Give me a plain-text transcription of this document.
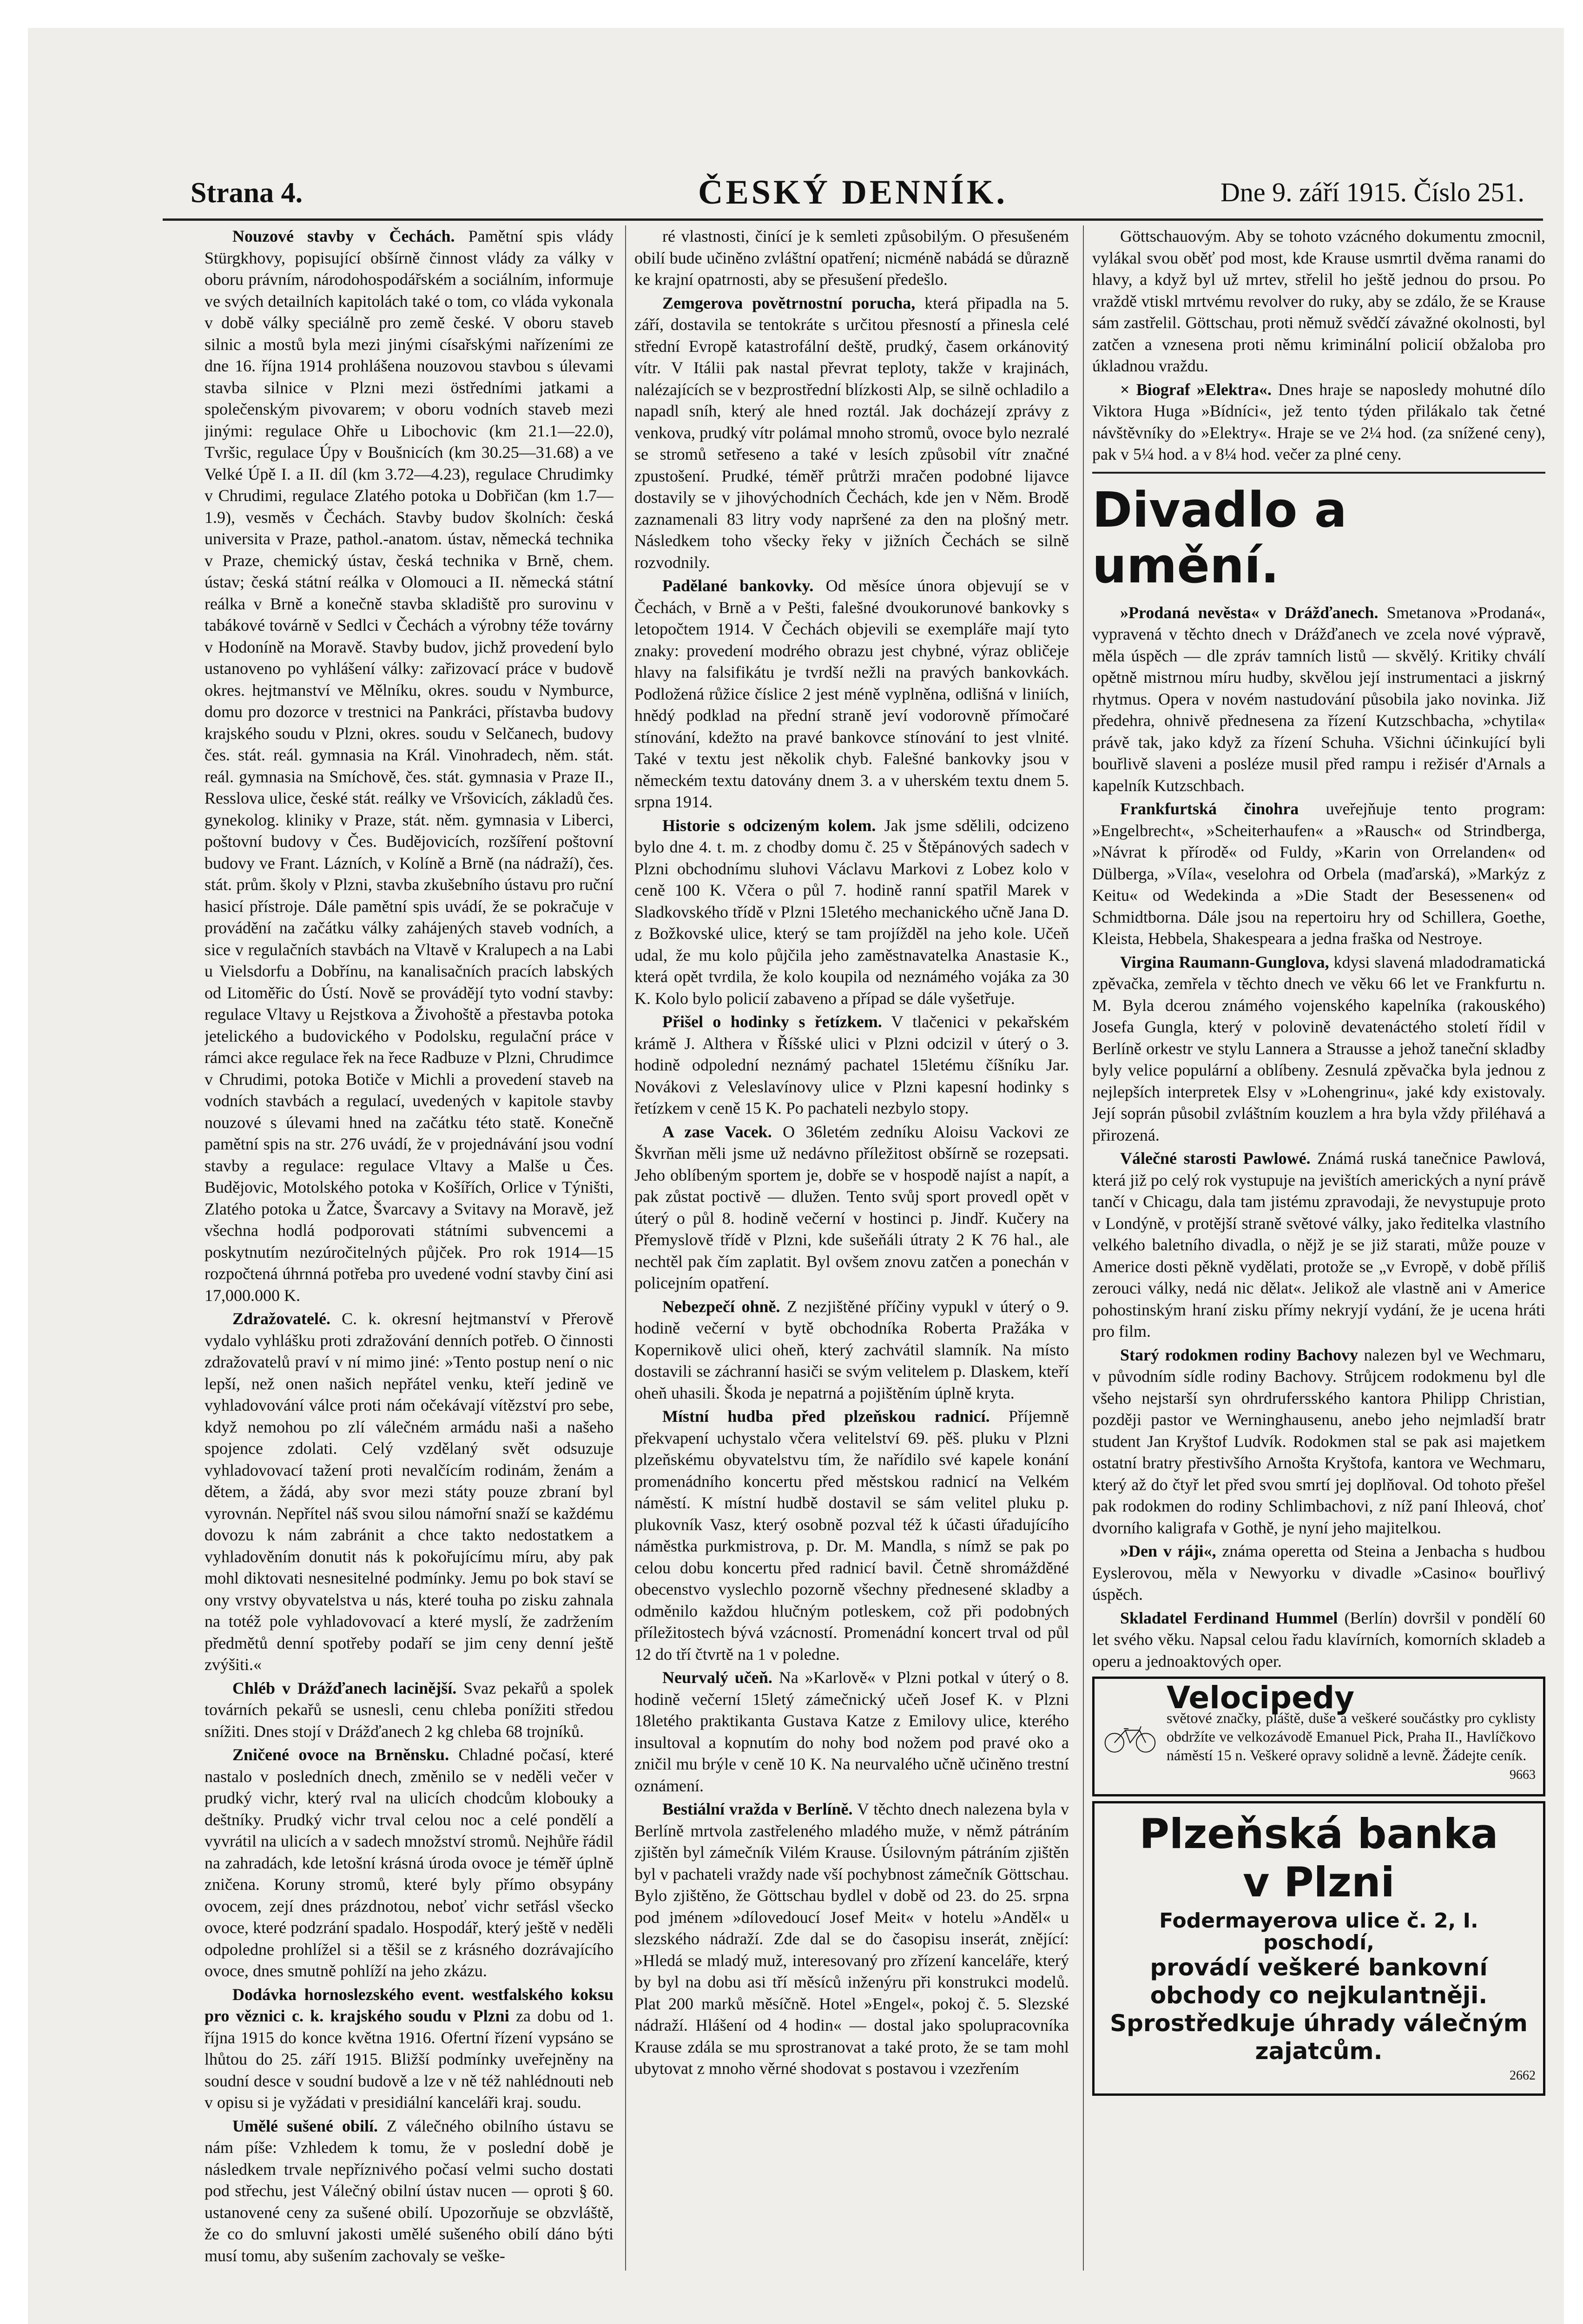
Strana 4.	ČESKÝ DENNÍK.	Dne 9. září 1915. Číslo 251.

Nouzové stavby v Čechách. Pamětní spis vlády Stürgkhovy, popisující obšírně činnost vlády za války v oboru právním, národohospodářském a sociálním, informuje ve svých detailních kapitolách také o tom, co vláda vykonala v době války speciálně pro země české. V oboru staveb silnic a mostů byla mezi jinými císařskými nařízeními ze dne 16. října 1914 prohlášena nouzovou stavbou s úlevami stavba silnice v Plzni mezi östředními jatkami a společenským pivovarem; v oboru vodních staveb mezi jinými: regulace Ohře u Libochovic (km 21.1—22.0), Tvršic, regulace Úpy v Boušnicích (km 30.25—31.68) a ve Velké Úpě I. a II. díl (km 3.72—4.23), regulace Chrudimky v Chrudimi, regulace Zlatého potoka u Dobřičan (km 1.7—1.9), vesměs v Čechách. Stavby budov školních: česká universita v Praze, pathol.-anatom. ústav, německá technika v Praze, chemický ústav, česká technika v Brně, chem. ústav; česká státní reálka v Olomouci a II. německá státní reálka v Brně a konečně stavba skladiště pro surovinu v tabákové továrně v Sedlci v Čechách a výrobny téže továrny v Hodoníně na Moravě. Stavby budov, jichž provedení bylo ustanoveno po vyhlášení války: zařizovací práce v budově okres. hejtmanství ve Mělníku, okres. soudu v Nymburce, domu pro dozorce v trestnici na Pankráci, přístavba budovy krajského soudu v Plzni, okres. soudu v Selčanech, budovy čes. stát. reál. gymnasia na Král. Vinohradech, něm. stát. reál. gymnasia na Smíchově, čes. stát. gymnasia v Praze II., Resslova ulice, české stát. reálky ve Vršovicích, základů čes. gynekolog. kliniky v Praze, stát. něm. gymnasia v Liberci, poštovní budovy v Čes. Budějovicích, rozšíření poštovní budovy ve Frant. Lázních, v Kolíně a Brně (na nádraží), čes. stát. prům. školy v Plzni, stavba zkušebního ústavu pro ruční hasicí přístroje. Dále pamětní spis uvádí, že se pokračuje v provádění na začátku války zahájených staveb vodních, a sice v regulačních stavbách na Vltavě v Kralupech a na Labi u Vielsdorfu a Dobřínu, na kanalisačních pracích labských od Litoměřic do Ústí. Nově se provádějí tyto vodní stavby: regulace Vltavy u Rejstkova a Živohoště a přestavba potoka jetelického a budovického v Podolsku, regulační práce v rámci akce regulace řek na řece Radbuze v Plzni, Chrudimce v Chrudimi, potoka Botiče v Michli a provedení staveb na vodních stavbách a regulací, uvedených v kapitole stavby nouzové s úlevami hned na začátku této statě. Konečně pamětní spis na str. 276 uvádí, že v projednávání jsou vodní stavby a regulace: regulace Vltavy a Malše u Čes. Budějovic, Motolského potoka v Košířích, Orlice v Týništi, Zlatého potoka u Žatce, Švarcavy a Svitavy na Moravě, jež všechna hodlá podporovati státními subvencemi a poskytnutím nezúročitelných půjček. Pro rok 1914—15 rozpočtená úhrnná potřeba pro uvedené vodní stavby činí asi 17,000.000 K.

Zdražovatelé. C. k. okresní hejtmanství v Přerově vydalo vyhlášku proti zdražování denních potřeb. O činnosti zdražovatelů praví v ní mimo jiné: »Tento postup není o nic lepší, než onen našich nepřátel venku, kteří jedině ve vyhladovování válce proti nám očekávají vítězství pro sebe, když nemohou po zlí válečném armádu naši a našeho spojence zdolati. Celý vzdělaný svět odsuzuje vyhladovovací tažení proti nevalčícím rodinám, ženám a dětem, a žádá, aby svor mezi státy pouze zbraní byl vyrovnán. Nepřítel náš svou silou námořní snaží se každému dovozu k nám zabránit a chce takto nedostatkem a vyhladověním donutit nás k pokořujícímu míru, aby pak mohl diktovati nesnesitelné podmínky. Jemu po bok staví se ony vrstvy obyvatelstva u nás, které touha po zisku zahnala na totéž pole vyhladovovací a které myslí, že zadržením předmětů denní spotřeby podaří se jim ceny denní ještě zvýšiti.«

Chléb v Drážďanech lacinější. Svaz pekařů a spolek továrních pekařů se usnesli, cenu chleba ponížiti středou snížiti. Dnes stojí v Drážďanech 2 kg chleba 68 trojníků.

Zničené ovoce na Brněnsku. Chladné počasí, které nastalo v posledních dnech, změnilo se v neděli večer v prudký vichr, který rval na ulicích chodcům klobouky a deštníky. Prudký vichr trval celou noc a celé pondělí a vyvrátil na ulicích a v sadech množství stromů. Nejhůře řádil na zahradách, kde letošní krásná úroda ovoce je téměř úplně zničena. Koruny stromů, které byly přímo obsypány ovocem, zejí dnes prázdnotou, neboť vichr setřásl všecko ovoce, které podzrání spadalo. Hospodář, který ještě v neděli odpoledne prohlížel si a těšil se z krásného dozrávajícího ovoce, dnes smutně pohlíží na jeho zkázu.

Dodávka hornoslezského event. westfalského koksu pro věznici c. k. krajského soudu v Plzni za dobu od 1. října 1915 do konce května 1916. Ofertní řízení vypsáno se lhůtou do 25. září 1915. Bližší podmínky uveřejněny na soudní desce v soudní budově a lze v ně též nahlédnouti neb v opisu si je vyžádati v presidiální kanceláři kraj. soudu.

Umělé sušené obilí. Z válečného obilního ústavu se nám píše: Vzhledem k tomu, že v poslední době je následkem trvale nepříznivého počasí velmi sucho dostati pod střechu, jest Válečný obilní ústav nucen — oproti § 60. ustanovené ceny za sušené obilí. Upozorňuje se obzvláště, že co do smluvní jakosti umělé sušeného obilí dáno býti musí tomu, aby sušením zachovaly se veške-

ré vlastnosti, činící je k semleti způsobilým. O přesušeném obilí bude učiněno zvláštní opatření; nicméně nabádá se důrazně ke krajní opatrnosti, aby se přesušení předešlo.

Zemgerova povětrnostní porucha, která připadla na 5. září, dostavila se tentokráte s určitou přesností a přinesla celé střední Evropě katastrofální deště, prudký, časem orkánovitý vítr. V Itálii pak nastal převrat teploty, takže v krajinách, nalézajících se v bezprostřední blízkosti Alp, se silně ochladilo a napadl sníh, který ale hned roztál. Jak docházejí zprávy z venkova, prudký vítr polámal mnoho stromů, ovoce bylo nezralé se stromů setřeseno a také v lesích způsobil vítr značné zpustošení. Prudké, téměř průtrži mračen podobné lijavce dostavily se v jihovýchodních Čechách, kde jen v Něm. Brodě zaznamenali 83 litry vody napršené za den na plošný metr. Následkem toho všecky řeky v jižních Čechách se silně rozvodnily.

Padělané bankovky. Od měsíce února objevují se v Čechách, v Brně a v Pešti, falešné dvoukorunové bankovky s letopočtem 1914. V Čechách objevili se exempláře mají tyto znaky: provedení modrého obrazu jest chybné, výraz obličeje hlavy na falsifikátu je tvrdší nežli na pravých bankovkách. Podložená růžice číslice 2 jest méně vyplněna, odlišná v liniích, hnědý podklad na přední straně jeví vodorovně přímočaré stínování, kdežto na pravé bankovce stínování to jest vlnité. Také v textu jest několik chyb. Falešné bankovky jsou v německém textu datovány dnem 3. a v uherském textu dnem 5. srpna 1914.

Historie s odcizeným kolem. Jak jsme sdělili, odcizeno bylo dne 4. t. m. z chodby domu č. 25 v Štěpánových sadech v Plzni obchodnímu sluhovi Václavu Markovi z Lobez kolo v ceně 100 K. Včera o půl 7. hodině ranní spatřil Marek v Sladkovského třídě v Plzni 15letého mechanického učně Jana D. z Božkovské ulice, který se tam projížděl na jeho kole. Učeň udal, že mu kolo půjčila jeho zaměstnavatelka Anastasie K., která opět tvrdila, že kolo koupila od neznámého vojáka za 30 K. Kolo bylo policií zabaveno a případ se dále vyšetřuje.

Přišel o hodinky s řetízkem. V tlačenici v pekařském krámě J. Althera v Říšské ulici v Plzni odcizil v úterý o 3. hodině odpolední neznámý pachatel 15letému číšníku Jar. Novákovi z Veleslavínovy ulice v Plzni kapesní hodinky s řetízkem v ceně 15 K. Po pachateli nezbylo stopy.

A zase Vacek. O 36letém zedníku Aloisu Vackovi ze Škvrňan měli jsme už nedávno příležitost obšírně se rozepsati. Jeho oblíbeným sportem je, dobře se v hospodě najíst a napít, a pak zůstat poctivě — dlužen. Tento svůj sport provedl opět v úterý o půl 8. hodině večerní v hostinci p. Jindř. Kučery na Přemyslově třídě v Plzni, kde sušeňáli útraty 2 K 76 hal., ale nechtěl pak čím zaplatit. Byl ovšem znovu zatčen a ponechán v policejním opatření.

Nebezpečí ohně. Z nezjištěné příčiny vypukl v úterý o 9. hodině večerní v bytě obchodníka Roberta Pražáka v Kopernikově ulici oheň, který zachvátil slamník. Na místo dostavili se záchranní hasiči se svým velitelem p. Dlaskem, kteří oheň uhasili. Škoda je nepatrná a pojištěním úplně kryta.

Místní hudba před plzeňskou radnicí. Příjemně překvapení uchystalo včera velitelství 69. pěš. pluku v Plzni plzeňskému obyvatelstvu tím, že nařídilo své kapele konání promenádního koncertu před městskou radnicí na Velkém náměstí. K místní hudbě dostavil se sám velitel pluku p. plukovník Vasz, který osobně pozval též k účasti úřadujícího náměstka purkmistrova, p. Dr. M. Mandla, s nímž se pak po celou dobu koncertu před radnicí bavil. Četně shromážděné obecenstvo vyslechlo pozorně všechny přednesené skladby a odměnilo každou hlučným potleskem, což při podobných příležitostech bývá vzácností. Promenádní koncert trval od půl 12 do tří čtvrtě na 1 v poledne.

Neurvalý učeň. Na »Karlově« v Plzni potkal v úterý o 8. hodině večerní 15letý zámečnický učeň Josef K. v Plzni 18letého praktikanta Gustava Katze z Emilovy ulice, kterého insultoval a kopnutím do nohy bod nožem pod pravé oko a zničil mu brýle v ceně 10 K. Na neurvalého učně učiněno trestní oznámení.

Bestiální vražda v Berlíně. V těchto dnech nalezena byla v Berlíně mrtvola zastřeleného mladého muže, v němž pátráním zjištěn byl zámečník Vilém Krause. Úsilovným pátráním zjištěn byl v pachateli vraždy nade vší pochybnost zámečník Göttschau. Bylo zjištěno, že Göttschau bydlel v době od 23. do 25. srpna pod jménem »dílovedoucí Josef Meit« v hotelu »Anděl« u slezského nádraží. Zde dal se do časopisu inserát, znějící: »Hledá se mladý muž, interesovaný pro zřízení kanceláře, který by byl na dobu asi tří měsíců inženýru při konstrukci modelů. Plat 200 marků měsíčně. Hotel »Engel«, pokoj č. 5. Slezské nádraží. Hlášení od 4 hodin« — dostal jako spolupracovníka Krause zdála se mu sprostranovat a také proto, že se tam mohl ubytovat z mnoho věrné shodovat s postavou i vzezřením

Göttschauovým. Aby se tohoto vzácného dokumentu zmocnil, vylákal svou oběť pod most, kde Krause usmrtil dvěma ranami do hlavy, a když byl už mrtev, střelil ho ještě jednou do prsou. Po vraždě vtiskl mrtvému revolver do ruky, aby se zdálo, že se Krause sám zastřelil. Göttschau, proti němuž svědčí závažné okolnosti, byl zatčen a vznesena proti němu kriminální policií obžaloba pro úkladnou vraždu.

× Biograf »Elektra«. Dnes hraje se naposledy mohutné dílo Viktora Huga »Bídníci«, jež tento týden přilákalo tak četné návštěvníky do »Elektry«. Hraje se ve 2¼ hod. (za snížené ceny), pak v 5¼ hod. a v 8¼ hod. večer za plné ceny.

Divadlo a umění.

»Prodaná nevěsta« v Drážďanech. Smetanova »Prodaná«, vypravená v těchto dnech v Drážďanech ve zcela nové výpravě, měla úspěch — dle zpráv tamních listů — skvělý. Kritiky chválí opětně mistrnou míru hudby, skvělou její instrumentaci a jiskrný rhytmus. Opera v novém nastudování působila jako novinka. Již předehra, ohnivě přednesena za řízení Kutzschbacha, »chytila« právě tak, jako když za řízení Schuha. Všichni účinkující byli bouřlivě slaveni a posléze musil před rampu i režisér d'Arnals a kapelník Kutzschbach.

Frankfurtská činohra uveřejňuje tento program: »Engelbrecht«, »Scheiterhaufen« a »Rausch« od Strindberga, »Návrat k přírodě« od Fuldy, »Karin von Orrelanden« od Dülberga, »Víla«, veselohra od Orbela (maďarská), »Markýz z Keitu« od Wedekinda a »Die Stadt der Besessenen« od Schmidtborna. Dále jsou na repertoiru hry od Schillera, Goethe, Kleista, Hebbela, Shakespeara a jedna fraška od Nestroye.

Virgina Raumann-Gunglova, kdysi slavená mladodramatická zpěvačka, zemřela v těchto dnech ve věku 66 let ve Frankfurtu n. M. Byla dcerou známého vojenského kapelníka (rakouského) Josefa Gungla, který v polovině devatenáctého století řídil v Berlíně orkestr ve stylu Lannera a Strausse a jehož taneční skladby byly velice populární a oblíbeny. Zesnulá zpěvačka byla jednou z nejlepších interpretek Elsy v »Lohengrinu«, jaké kdy existovaly. Její soprán působil zvláštním kouzlem a hra byla vždy přiléhavá a přirozená.

Válečné starosti Pawlowé. Známá ruská tanečnice Pawlová, která již po celý rok vystupuje na jevištích amerických a nyní právě tančí v Chicagu, dala tam jistému zpravodaji, že nevystupuje proto v Londýně, v protější straně světové války, jako ředitelka vlastního velkého baletního divadla, o nějž je se již starati, může pouze v Americe dosti pěkně vydělati, protože se „v Evropě, v době příliš zerouci války, nedá nic dělat«. Jelikož ale vlastně ani v Americe pohostinským hraní zisku přímy nekryjí vydání, že je ucena hráti pro film.

Starý rodokmen rodiny Bachovy nalezen byl ve Wechmaru, v původním sídle rodiny Bachovy. Strůjcem rodokmenu byl dle všeho nejstarší syn ohrdrufersského kantora Philipp Christian, později pastor ve Werninghausenu, anebo jeho nejmladší bratr student Jan Kryštof Ludvík. Rodokmen stal se pak asi majetkem ostatní bratry přestivšího Arnošta Kryštofa, kantora ve Wechmaru, který až do čtyř let před svou smrtí jej doplňoval. Od tohoto přešel pak rodokmen do rodiny Schlimbachovi, z níž paní Ihleová, choť dvorního kaligrafa v Gothě, je nyní jeho majitelkou.

»Den v ráji«, známa operetta od Steina a Jenbacha s hudbou Eyslerovou, měla v Newyorku v divadle »Casino« bouřlivý úspěch.

Skladatel Ferdinand Hummel (Berlín) dovršil v pondělí 60 let svého věku. Napsal celou řadu klavírních, komorních skladeb a operu a jednoaktových oper.

Velocipedy
světové značky, pláště, duše a veškeré součástky pro cyklisty obdržíte ve velkozávodě Emanuel Pick, Praha II., Havlíčkovo náměstí 15 n. Veškeré opravy solidně a levně. Žádejte ceník.
9663
Plzeňská banka
v Plzni
Fodermayerova ulice č. 2, I. poschodí,
provádí veškeré bankovní
obchody co nejkulantněji.
Sprostředkuje úhrady válečným zajatcům.
2662
